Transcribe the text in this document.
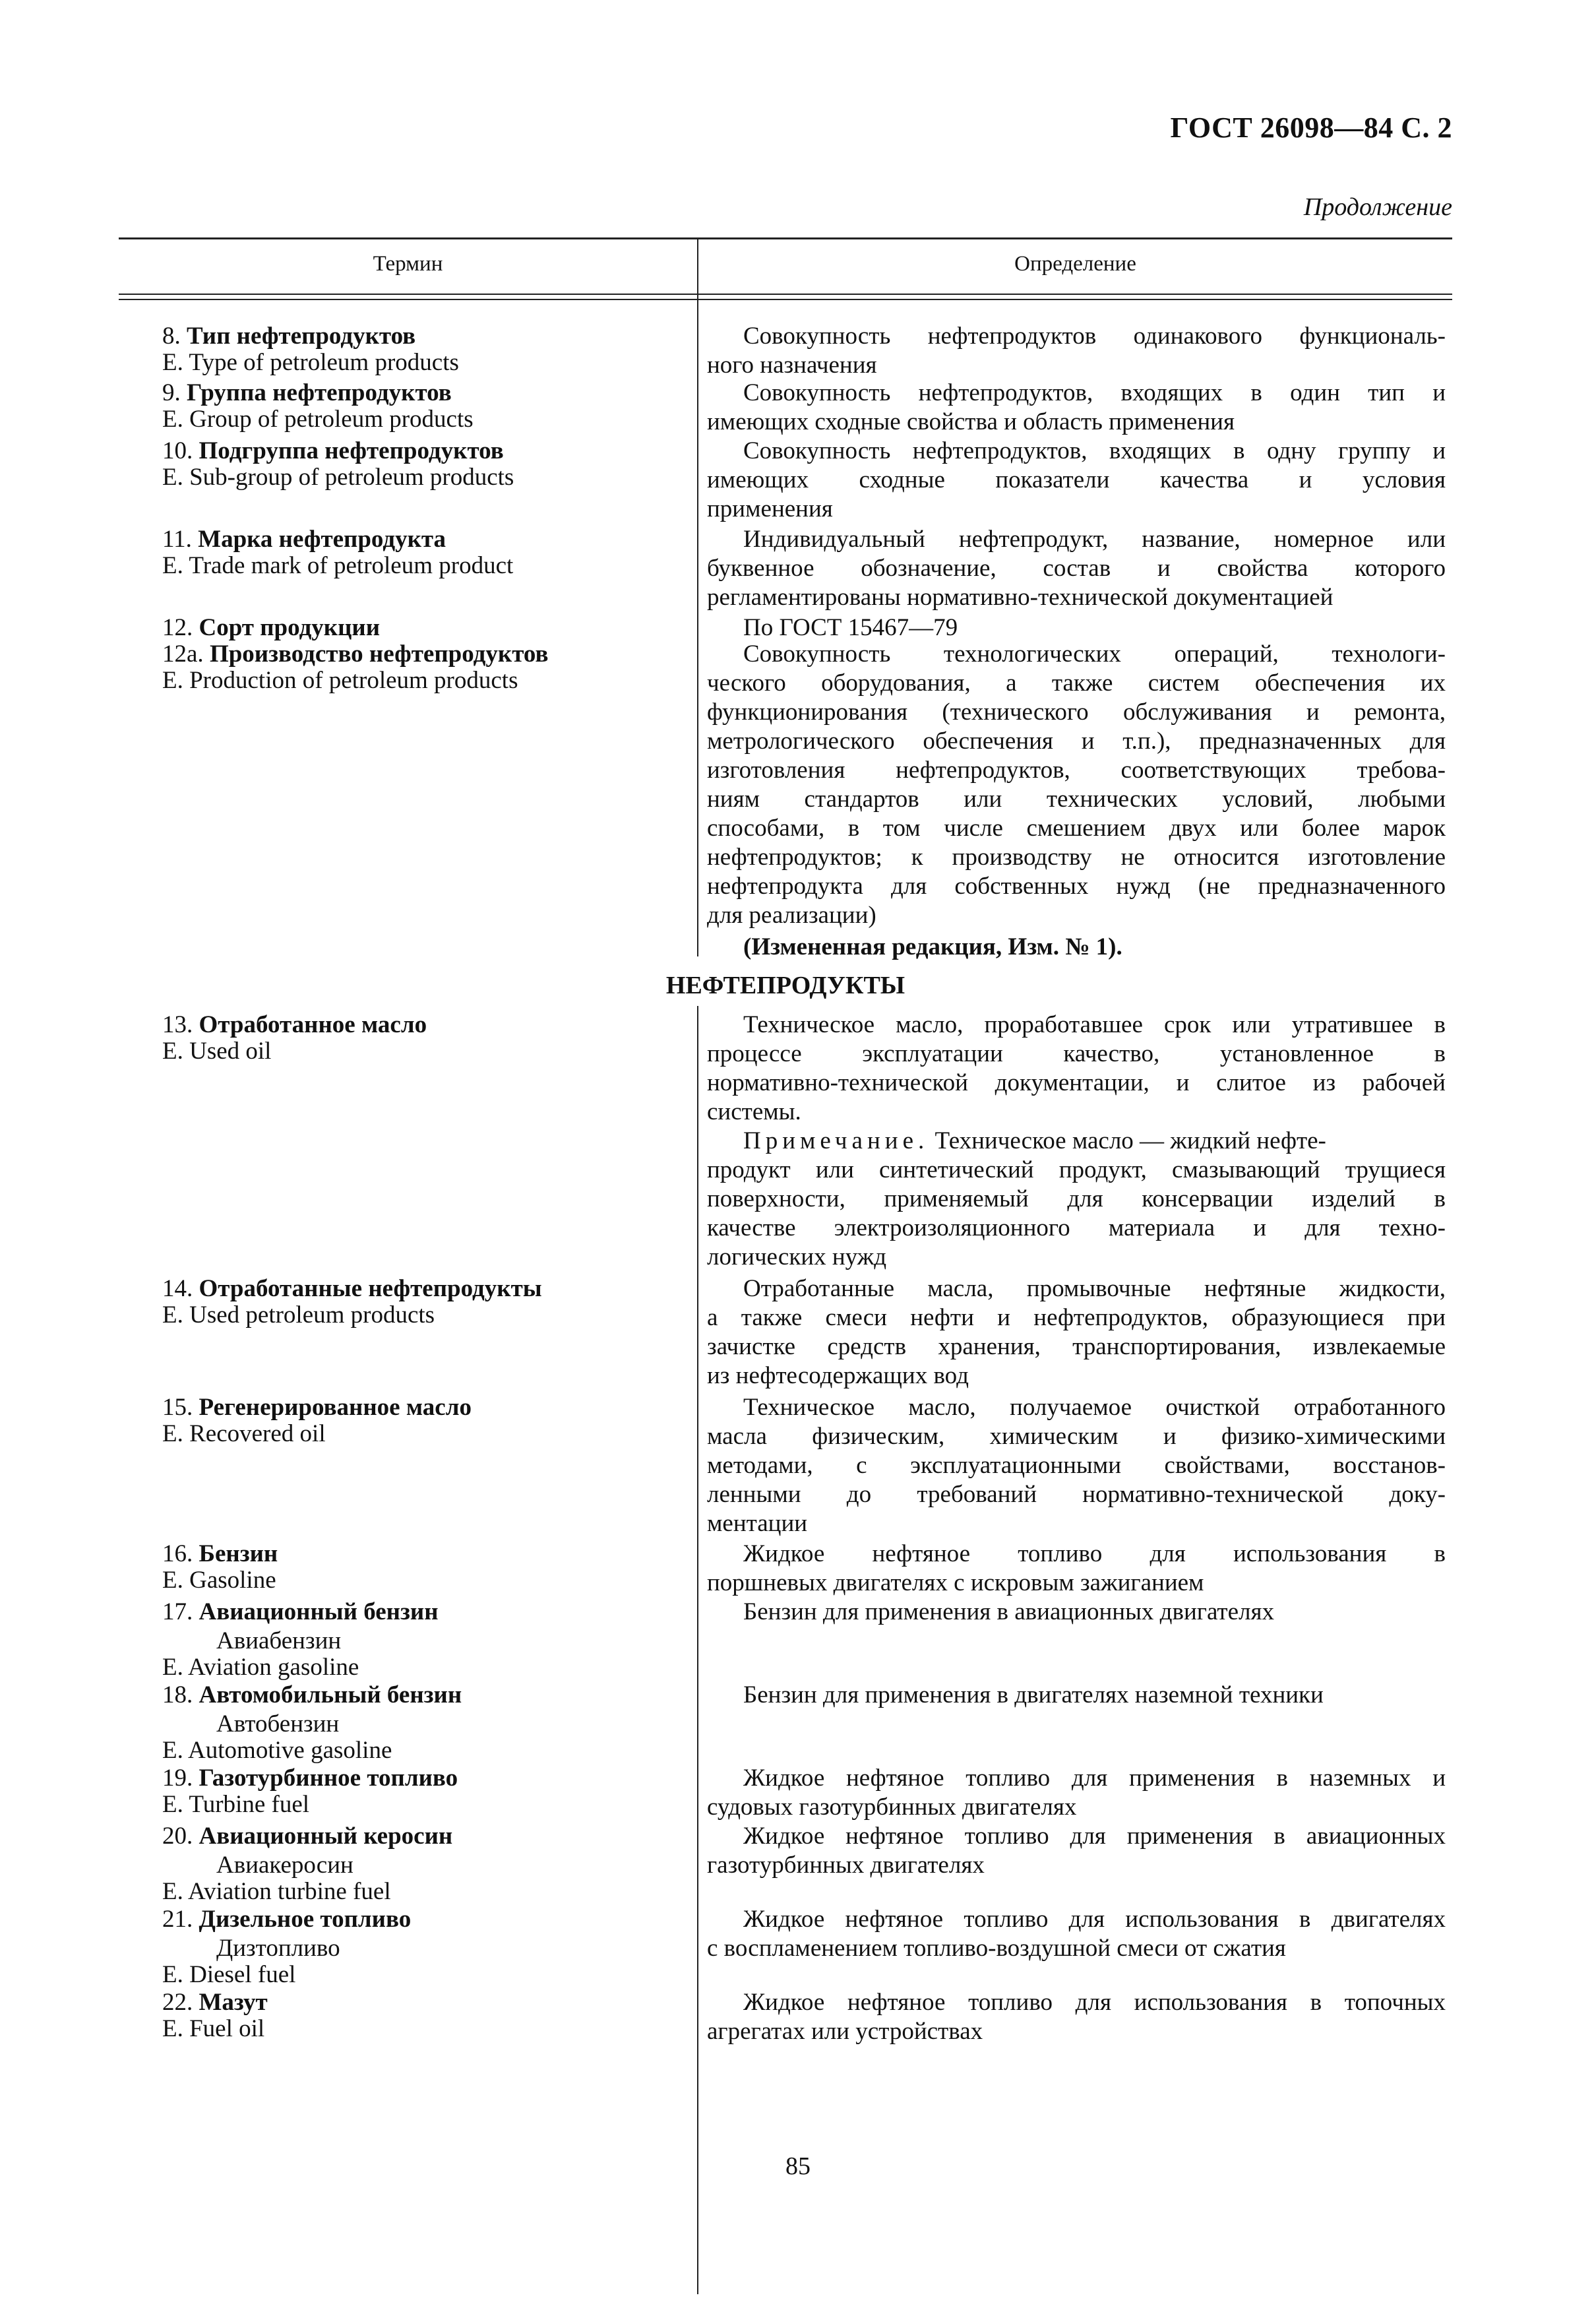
ГОСТ 26098—84 С. 2
Продолжение
Термин	Определение
8. Тип нефтепродуктов
E. Type of petroleum products
9. Группа нефтепродуктов
E. Group of petroleum products
10. Подгруппа нефтепродуктов
E. Sub-group of petroleum products
11. Марка нефтепродукта
E. Trade mark of petroleum product
12. Сорт продукции
12а. Производство нефтепродуктов
E. Production of petroleum products
НЕФТЕПРОДУКТЫ
13. Отработанное масло
E. Used oil
14. Отработанные нефтепродукты
E. Used petroleum products
15. Регенерированное масло
E. Recovered oil
16. Бензин
E. Gasoline
17. Авиационный бензин
Авиабензин
E. Aviation gasoline
18. Автомобильный бензин
Автобензин
E. Automotive gasoline
19. Газотурбинное топливо
E. Turbine fuel
20. Авиационный керосин
Авиакеросин
E. Aviation turbine fuel
21. Дизельное топливо
Дизтопливо
E. Diesel fuel
22. Мазут
E. Fuel oil
Совокупность нефтепродуктов одинакового функциональ-
ного назначения
Совокупность нефтепродуктов, входящих в один тип и
имеющих сходные свойства и область применения
Совокупность нефтепродуктов, входящих в одну группу и
имеющих сходные показатели качества и условия
применения
Индивидуальный нефтепродукт, название, номерное или
буквенное обозначение, состав и свойства которого
регламентированы нормативно-технической документацией
По ГОСТ 15467—79
Совокупность технологических операций, технологи-
ческого оборудования, а также систем обеспечения их
функционирования (технического обслуживания и ремонта,
метрологического обеспечения и т.п.), предназначенных для
изготовления нефтепродуктов, соответствующих требова-
ниям стандартов или технических условий, любыми
способами, в том числе смешением двух или более марок
нефтепродуктов; к производству не относится изготовление
нефтепродукта для собственных нужд (не предназначенного
для реализации)
Техническое масло, проработавшее срок или утратившее в
процессе эксплуатации качество, установленное в
нормативно-технической документации, и слитое из рабочей
системы.
Примечание. Техническое масло — жидкий нефте-
продукт или синтетический продукт, смазывающий трущиеся
поверхности, применяемый для консервации изделий в
качестве электроизоляционного материала и для техно-
логических нужд
Отработанные масла, промывочные нефтяные жидкости,
а также смеси нефти и нефтепродуктов, образующиеся при
зачистке средств хранения, транспортирования, извлекаемые
из нефтесодержащих вод
Техническое масло, получаемое очисткой отработанного
масла физическим, химическим и физико-химическими
методами, с эксплуатационными свойствами, восстанов-
ленными до требований нормативно-технической доку-
ментации
Жидкое нефтяное топливо для использования в
поршневых двигателях с искровым зажиганием
Бензин для применения в авиационных двигателях
Бензин для применения в двигателях наземной техники
Жидкое нефтяное топливо для применения в наземных и
судовых газотурбинных двигателях
Жидкое нефтяное топливо для применения в авиационных
газотурбинных двигателях
Жидкое нефтяное топливо для использования в двигателях
с воспламенением топливо-воздушной смеси от сжатия
Жидкое нефтяное топливо для использования в топочных
агрегатах или устройствах
(Измененная редакция, Изм. № 1).
85
